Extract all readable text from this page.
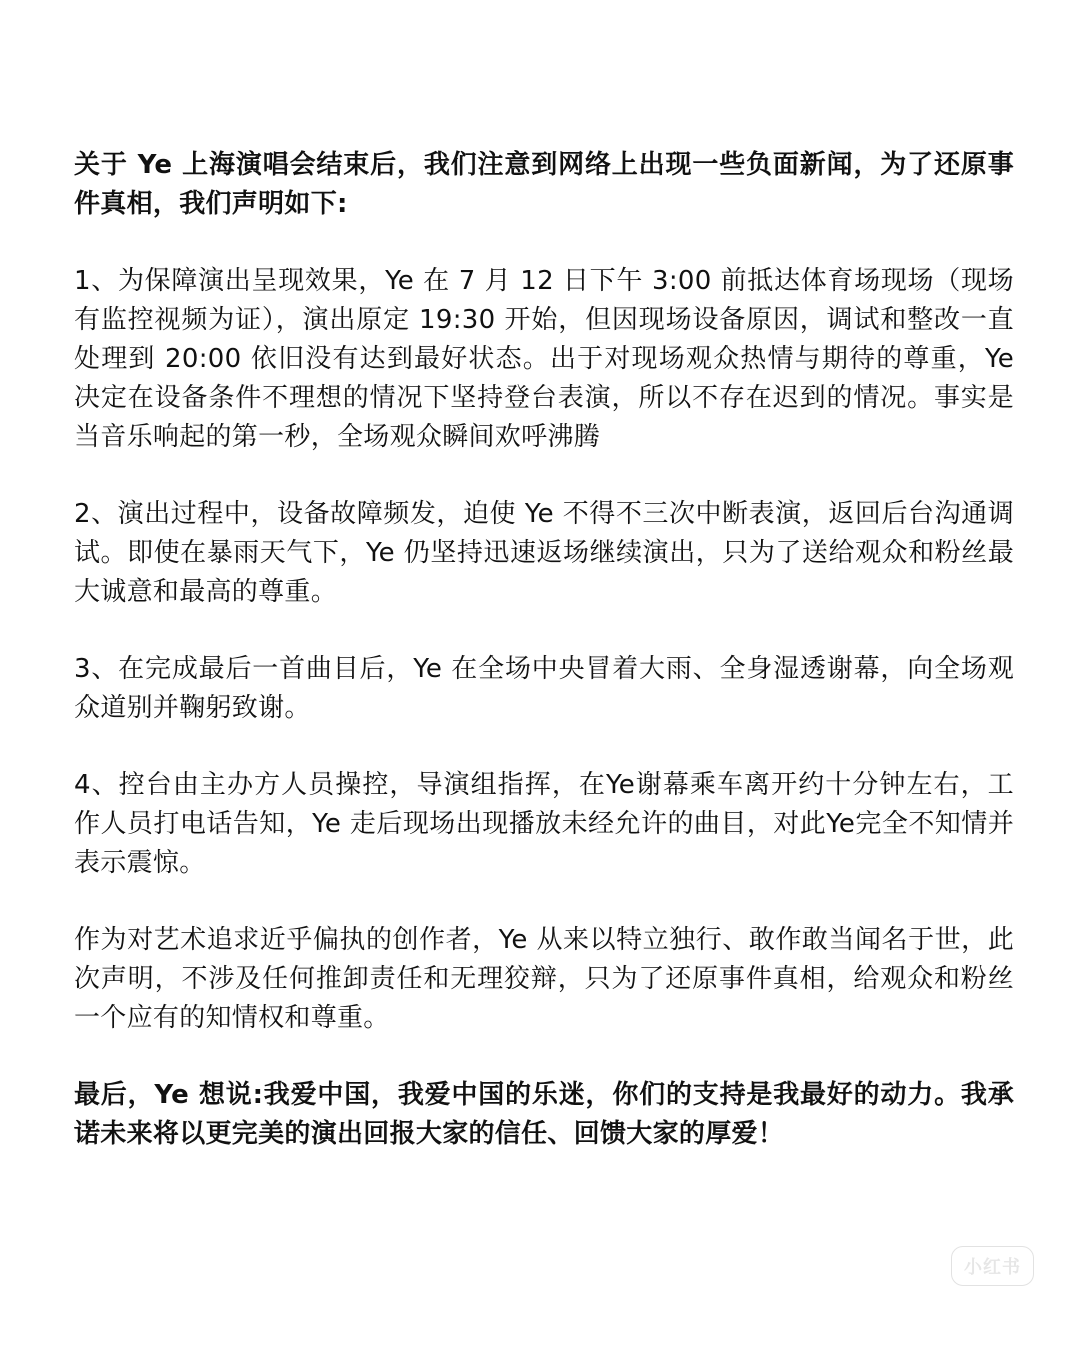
关于 Ye 上海演唱会结束后，我们注意到网络上出现一些负面新闻，为了还原事件真相，我们声明如下:

1、为保障演出呈现效果，Ye 在 7 月 12 日下午 3:00 前抵达体育场现场（现场有监控视频为证），演出原定 19:30 开始，但因现场设备原因，调试和整改一直处理到 20:00 依旧没有达到最好状态。出于对现场观众热情与期待的尊重，Ye 决定在设备条件不理想的情况下坚持登台表演，所以不存在迟到的情况。事实是当音乐响起的第一秒，全场观众瞬间欢呼沸腾

2、演出过程中，设备故障频发，迫使 Ye 不得不三次中断表演，返回后台沟通调试。即使在暴雨天气下，Ye 仍坚持迅速返场继续演出，只为了送给观众和粉丝最大诚意和最高的尊重。

3、在完成最后一首曲目后，Ye 在全场中央冒着大雨、全身湿透谢幕，向全场观众道别并鞠躬致谢。

4、控台由主办方人员操控，导演组指挥，在Ye谢幕乘车离开约十分钟左右，工作人员打电话告知，Ye 走后现场出现播放未经允许的曲目，对此Ye完全不知情并表示震惊。

作为对艺术追求近乎偏执的创作者，Ye 从来以特立独行、敢作敢当闻名于世，此次声明，不涉及任何推卸责任和无理狡辩，只为了还原事件真相，给观众和粉丝一个应有的知情权和尊重。

最后，Ye 想说:我爱中国，我爱中国的乐迷，你们的支持是我最好的动力。我承诺未来将以更完美的演出回报大家的信任、回馈大家的厚爱！

小红书
